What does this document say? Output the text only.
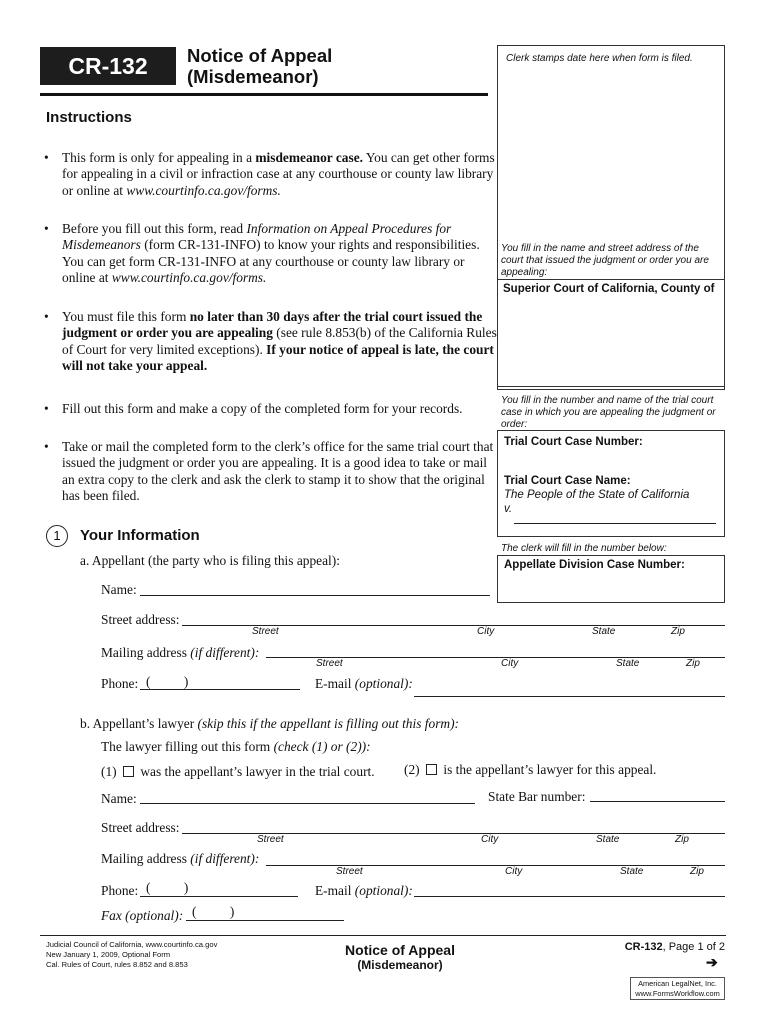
CR-132	Notice of Appeal
(Misdemeanor)
Clerk stamps date here when form is filed.
Instructions
• This form is only for appealing in a misdemeanor case. You can get other forms for appealing in a civil or infraction case at any courthouse or county law library or online at www.courtinfo.ca.gov/forms.
• Before you fill out this form, read Information on Appeal Procedures for Misdemeanors (form CR-131-INFO) to know your rights and responsibilities. You can get form CR-131-INFO at any courthouse or county law library or online at www.courtinfo.ca.gov/forms.
• You must file this form no later than 30 days after the trial court issued the judgment or order you are appealing (see rule 8.853(b) of the California Rules of Court for very limited exceptions). If your notice of appeal is late, the court will not take your appeal.
• Fill out this form and make a copy of the completed form for your records.
• Take or mail the completed form to the clerk’s office for the same trial court that issued the judgment or order you are appealing. It is a good idea to take or mail an extra copy to the clerk and ask the clerk to stamp it to show that the original has been filed.
You fill in the name and street address of the court that issued the judgment or order you are appealing:
Superior Court of California, County of
You fill in the number and name of the trial court case in which you are appealing the judgment or order:
Trial Court Case Number:
Trial Court Case Name:
The People of the State of California
v.
The clerk will fill in the number below:
Appellate Division Case Number:
1	Your Information
a. Appellant (the party who is filing this appeal):
Name:
Street address:
Street	City	State	Zip
Mailing address (if different):
Street	City	State	Zip
Phone: (          )	E-mail (optional):
b. Appellant’s lawyer (skip this if the appellant is filling out this form):
The lawyer filling out this form (check (1) or (2)):
(1) was the appellant’s lawyer in the trial court. (2) is the appellant’s lawyer for this appeal.
Name:	State Bar number:
Street address:
Street	City	State	Zip
Mailing address (if different):
Street	City	State	Zip
Phone: (          )	E-mail (optional):
Fax (optional): (          )
Judicial Council of California, www.courtinfo.ca.gov
New January 1, 2009, Optional Form
Cal. Rules of Court, rules 8.852 and 8.853
Notice of Appeal
(Misdemeanor)
CR-132, Page 1 of 2
➔
American LegalNet, Inc.
www.FormsWorkflow.com
